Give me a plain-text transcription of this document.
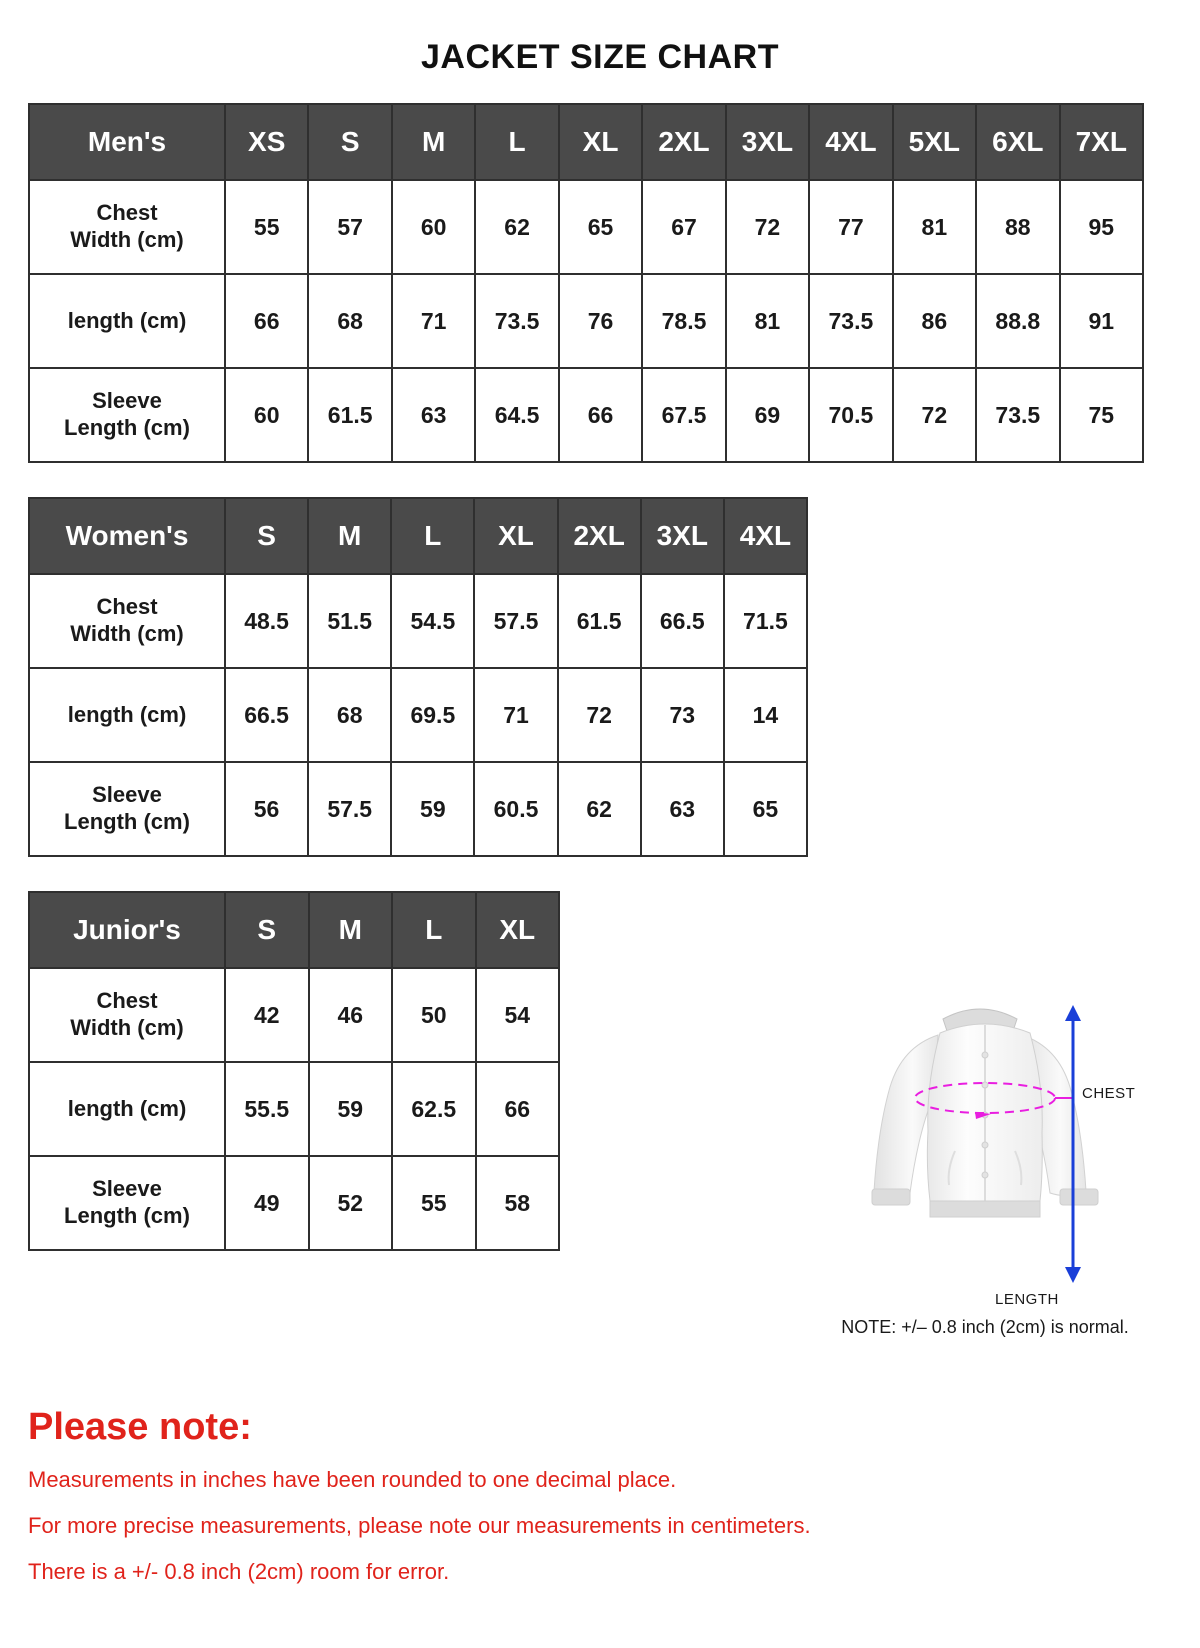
JACKET SIZE CHART
Men's	XS	S	M	L	XL	2XL	3XL	4XL	5XL	6XL	7XL

Chest
Width (cm)	55	57	60	62	65	67	72	77	81	88	95

length (cm)	66	68	71	73.5	76	78.5	81	73.5	86	88.8	91

Sleeve
Length (cm)	60	61.5	63	64.5	66	67.5	69	70.5	72	73.5	75
Women's	S	M	L	XL	2XL	3XL	4XL

Chest
Width (cm)	48.5	51.5	54.5	57.5	61.5	66.5	71.5

length (cm)	66.5	68	69.5	71	72	73	14

Sleeve
Length (cm)	56	57.5	59	60.5	62	63	65
Junior's	S	M	L	XL

Chest
Width (cm)	42	46	50	54

length (cm)	55.5	59	62.5	66

Sleeve
Length (cm)	49	52	55	58
CHEST
LENGTH
NOTE: +/– 0.8 inch (2cm) is normal.
Please note:

Measurements in inches have been rounded to one decimal place.

For more precise measurements, please note our measurements in centimeters.

There is a +/- 0.8 inch (2cm) room for error.
